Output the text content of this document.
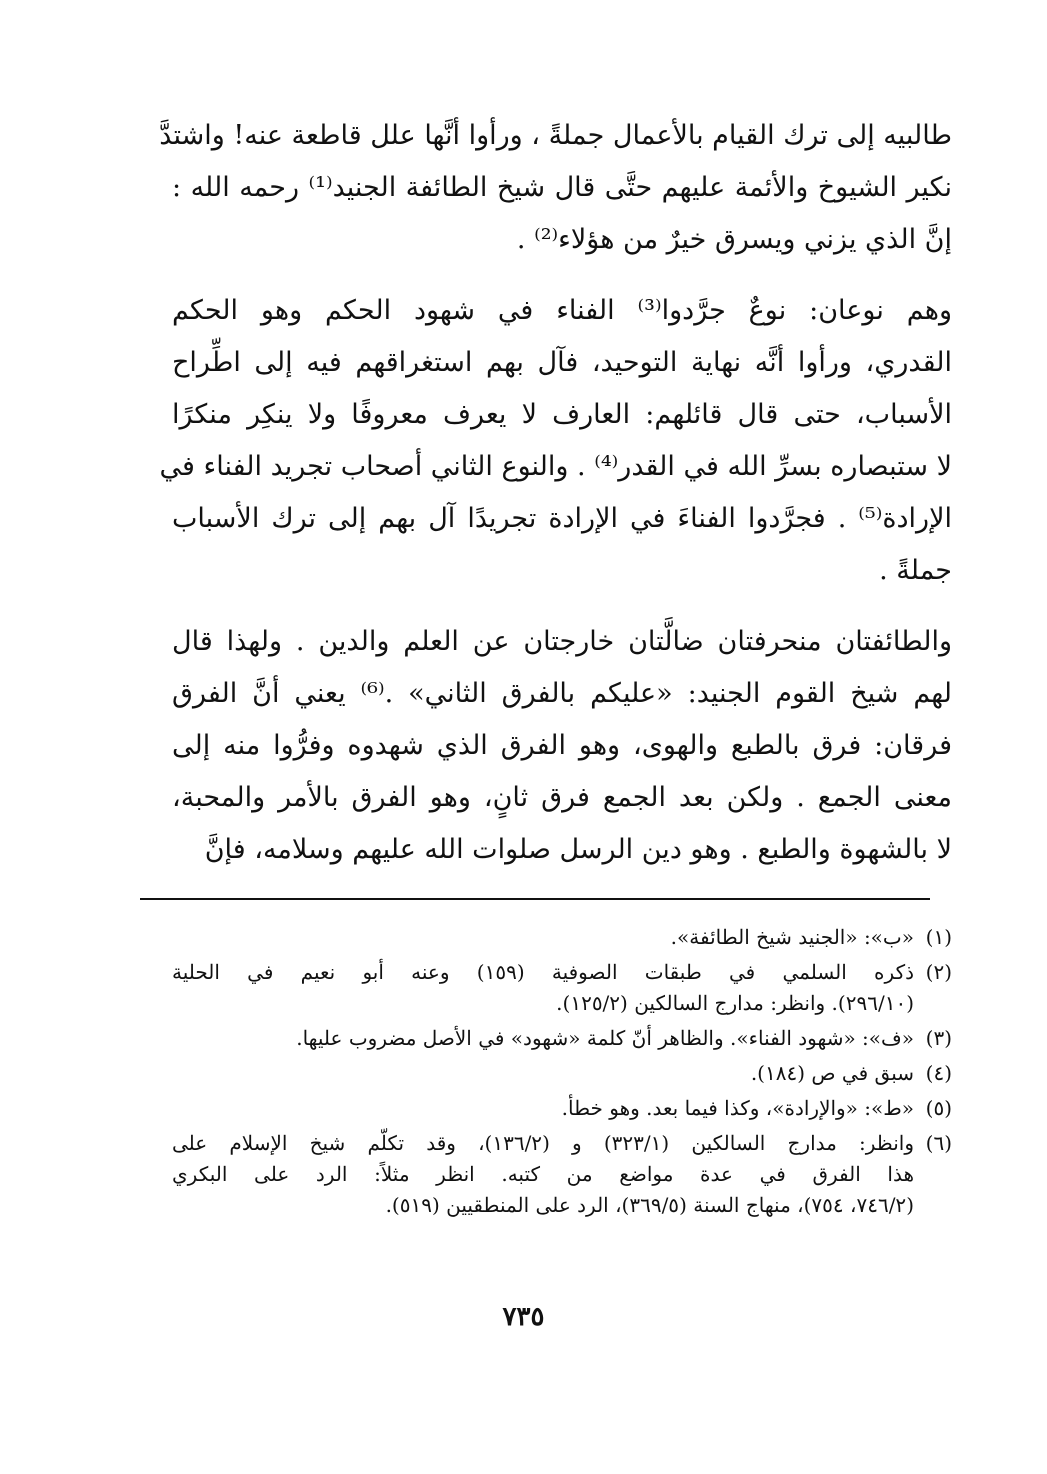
طالبيه إلى ترك القيام بالأعمال جملةً ، ورأوا أنَّها علل قاطعة عنه! واشتدَّ
نكير الشيوخ والأئمة عليهم حتَّى قال شيخ الطائفة الجنيد⁽¹⁾ رحمه الله :
إنَّ الذي يزني ويسرق خيرٌ من هؤلاء⁽²⁾ .
وهم نوعان: نوعٌ جرَّدوا⁽³⁾ الفناء في شهود الحكم وهو الحكم
القدري، ورأوا أنَّه نهاية التوحيد، فآل بهم استغراقهم فيه إلى اطِّراح
الأسباب، حتى قال قائلهم: العارف لا يعرف معروفًا ولا ينكِر منكرًا
لا ستبصاره بسرِّ الله في القدر⁽⁴⁾ . والنوع الثاني أصحاب تجريد الفناء في
الإرادة⁽⁵⁾ . فجرَّدوا الفناءَ في الإرادة تجريدًا آل بهم إلى ترك الأسباب
جملةً .
والطائفتان منحرفتان ضالَّتان خارجتان عن العلم والدين . ولهذا قال
لهم شيخ القوم الجنيد: «عليكم بالفرق الثاني» .⁽⁶⁾ يعني أنَّ الفرق
فرقان: فرق بالطبع والهوى، وهو الفرق الذي شهدوه وفرُّوا منه إلى
معنى الجمع . ولكن بعد الجمع فرق ثانٍ، وهو الفرق بالأمر والمحبة،
لا بالشهوة والطبع . وهو دين الرسل صلوات الله عليهم وسلامه، فإنَّ
(١)
«ب»: «الجنيد شيخ الطائفة».
(٢)
ذكره السلمي في طبقات الصوفية (١٥٩) وعنه أبو نعيم في الحلية
(٢٩٦/١٠). وانظر: مدارج السالكين (١٢٥/٢).
(٣)
«ف»: «شهود الفناء». والظاهر أنّ كلمة «شهود» في الأصل مضروب عليها.
(٤)
سبق في ص (١٨٤).
(٥)
«ط»: «والإرادة»، وكذا فيما بعد. وهو خطأ.
(٦)
وانظر: مدارج السالكين (٣٢٣/١) و (١٣٦/٢)، وقد تكلّم شيخ الإسلام على
هذا الفرق في عدة مواضع من كتبه. انظر مثلاً: الرد على البكري
(٧٤٦/٢، ٧٥٤)، منهاج السنة (٣٦٩/٥)، الرد على المنطقيين (٥١٩).
٧٣٥
